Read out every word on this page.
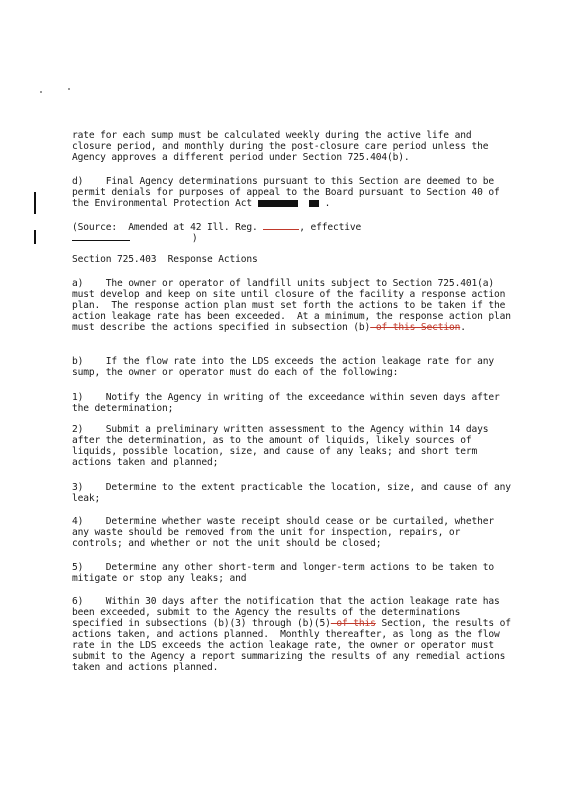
rate for each sump must be calculated weekly during the active life and closure period, and monthly during the post-closure care period unless the Agency approves a different period under Section 725.404(b).

d)    Final Agency determinations pursuant to this Section are deemed to be permit denials for purposes of appeal to the Board pursuant to Section 40 of the Environmental Protection Act	.

(Source:  Amended at 42 Ill. Reg.	, effective
)

Section 725.403  Response Actions

a)    The owner or operator of landfill units subject to Section 725.401(a) must develop and keep on site until closure of the facility a response action plan.  The response action plan must set forth the actions to be taken if the action leakage rate has been exceeded.  At a minimum, the response action plan must describe the actions specified in subsection (b) of this Section.

b)    If the flow rate into the LDS exceeds the action leakage rate for any sump, the owner or operator must do each of the following:

1)    Notify the Agency in writing of the exceedance within seven days after the determination;

2)    Submit a preliminary written assessment to the Agency within 14 days after the determination, as to the amount of liquids, likely sources of liquids, possible location, size, and cause of any leaks; and short term actions taken and planned;

3)    Determine to the extent practicable the location, size, and cause of any leak;

4)    Determine whether waste receipt should cease or be curtailed, whether any waste should be removed from the unit for inspection, repairs, or controls; and whether or not the unit should be closed;

5)    Determine any other short-term and longer-term actions to be taken to mitigate or stop any leaks; and

6)    Within 30 days after the notification that the action leakage rate has been exceeded, submit to the Agency the results of the determinations specified in subsections (b)(3) through (b)(5) of this Section, the results of actions taken, and actions planned.  Monthly thereafter, as long as the flow rate in the LDS exceeds the action leakage rate, the owner or operator must submit to the Agency a report summarizing the results of any remedial actions taken and actions planned.
